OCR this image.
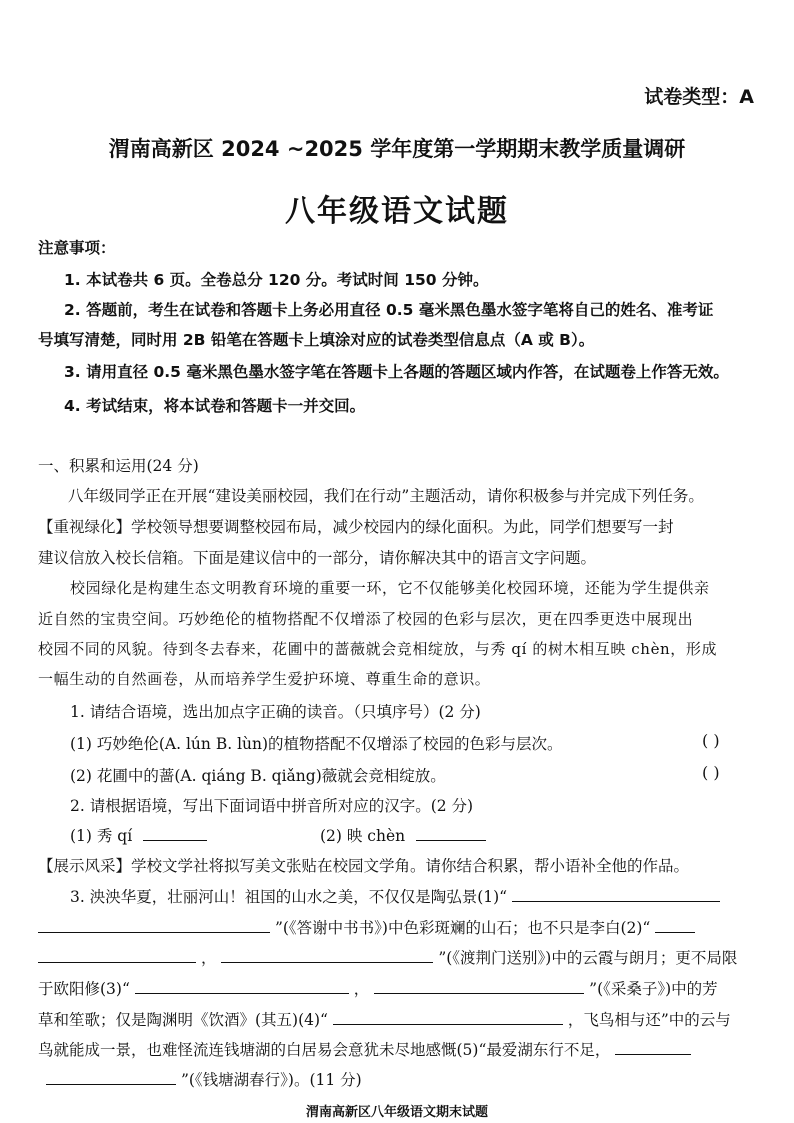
试卷类型：A
渭南高新区 2024 ~2025 学年度第一学期期末教学质量调研
八年级语文试题
注意事项：
1. 本试卷共 6 页。全卷总分 120 分。考试时间 150 分钟。
2. 答题前，考生在试卷和答题卡上务必用直径 0.5 毫米黑色墨水签字笔将自己的姓名、准考证
号填写清楚，同时用 2B 铅笔在答题卡上填涂对应的试卷类型信息点（A 或 B）。
3. 请用直径 0.5 毫米黑色墨水签字笔在答题卡上各题的答题区域内作答，在试题卷上作答无效。
4. 考试结束，将本试卷和答题卡一并交回。
一、积累和运用(24 分)
八年级同学正在开展“建设美丽校园，我们在行动”主题活动，请你积极参与并完成下列任务。
【重视绿化】学校领导想要调整校园布局，减少校园内的绿化面积。为此，同学们想要写一封
建议信放入校长信箱。下面是建议信中的一部分，请你解决其中的语言文字问题。
校园绿化是构建生态文明教育环境的重要一环，它不仅能够美化校园环境，还能为学生提供亲
近自然的宝贵空间。巧妙绝伦的植物搭配不仅增添了校园的色彩与层次，更在四季更迭中展现出
校园不同的风貌。待到冬去春来，花圃中的蔷薇就会竞相绽放，与秀 qí 的树木相互映 chèn，形成
一幅生动的自然画卷，从而培养学生爱护环境、尊重生命的意识。
1. 请结合语境，选出加点字正确的读音。（只填序号）(2 分)
(1) 巧妙绝伦(A. lún B. lùn)的植物搭配不仅增添了校园的色彩与层次。	( )
(2) 花圃中的蔷(A. qiáng B. qiǎng)薇就会竞相绽放。	( )
2. 请根据语境，写出下面词语中拼音所对应的汉字。(2 分)
(1) 秀 qí	(2) 映 chèn
【展示风采】学校文学社将拟写美文张贴在校园文学角。请你结合积累，帮小语补全他的作品。
3. 泱泱华夏，壮丽河山！祖国的山水之美，不仅仅是陶弘景(1)“
”(《答谢中书书》)中色彩斑斓的山石；也不只是李白(2)“
，	”(《渡荆门送别》)中的云霞与朗月；更不局限
于欧阳修(3)“	，	”(《采桑子》)中的芳
草和笙歌；仅是陶渊明《饮酒》(其五)(4)“	，飞鸟相与还”中的云与
鸟就能成一景，也难怪流连钱塘湖的白居易会意犹未尽地感慨(5)“最爱湖东行不足，
”(《钱塘湖春行》)。(11 分)
渭南高新区八年级语文期末试题
